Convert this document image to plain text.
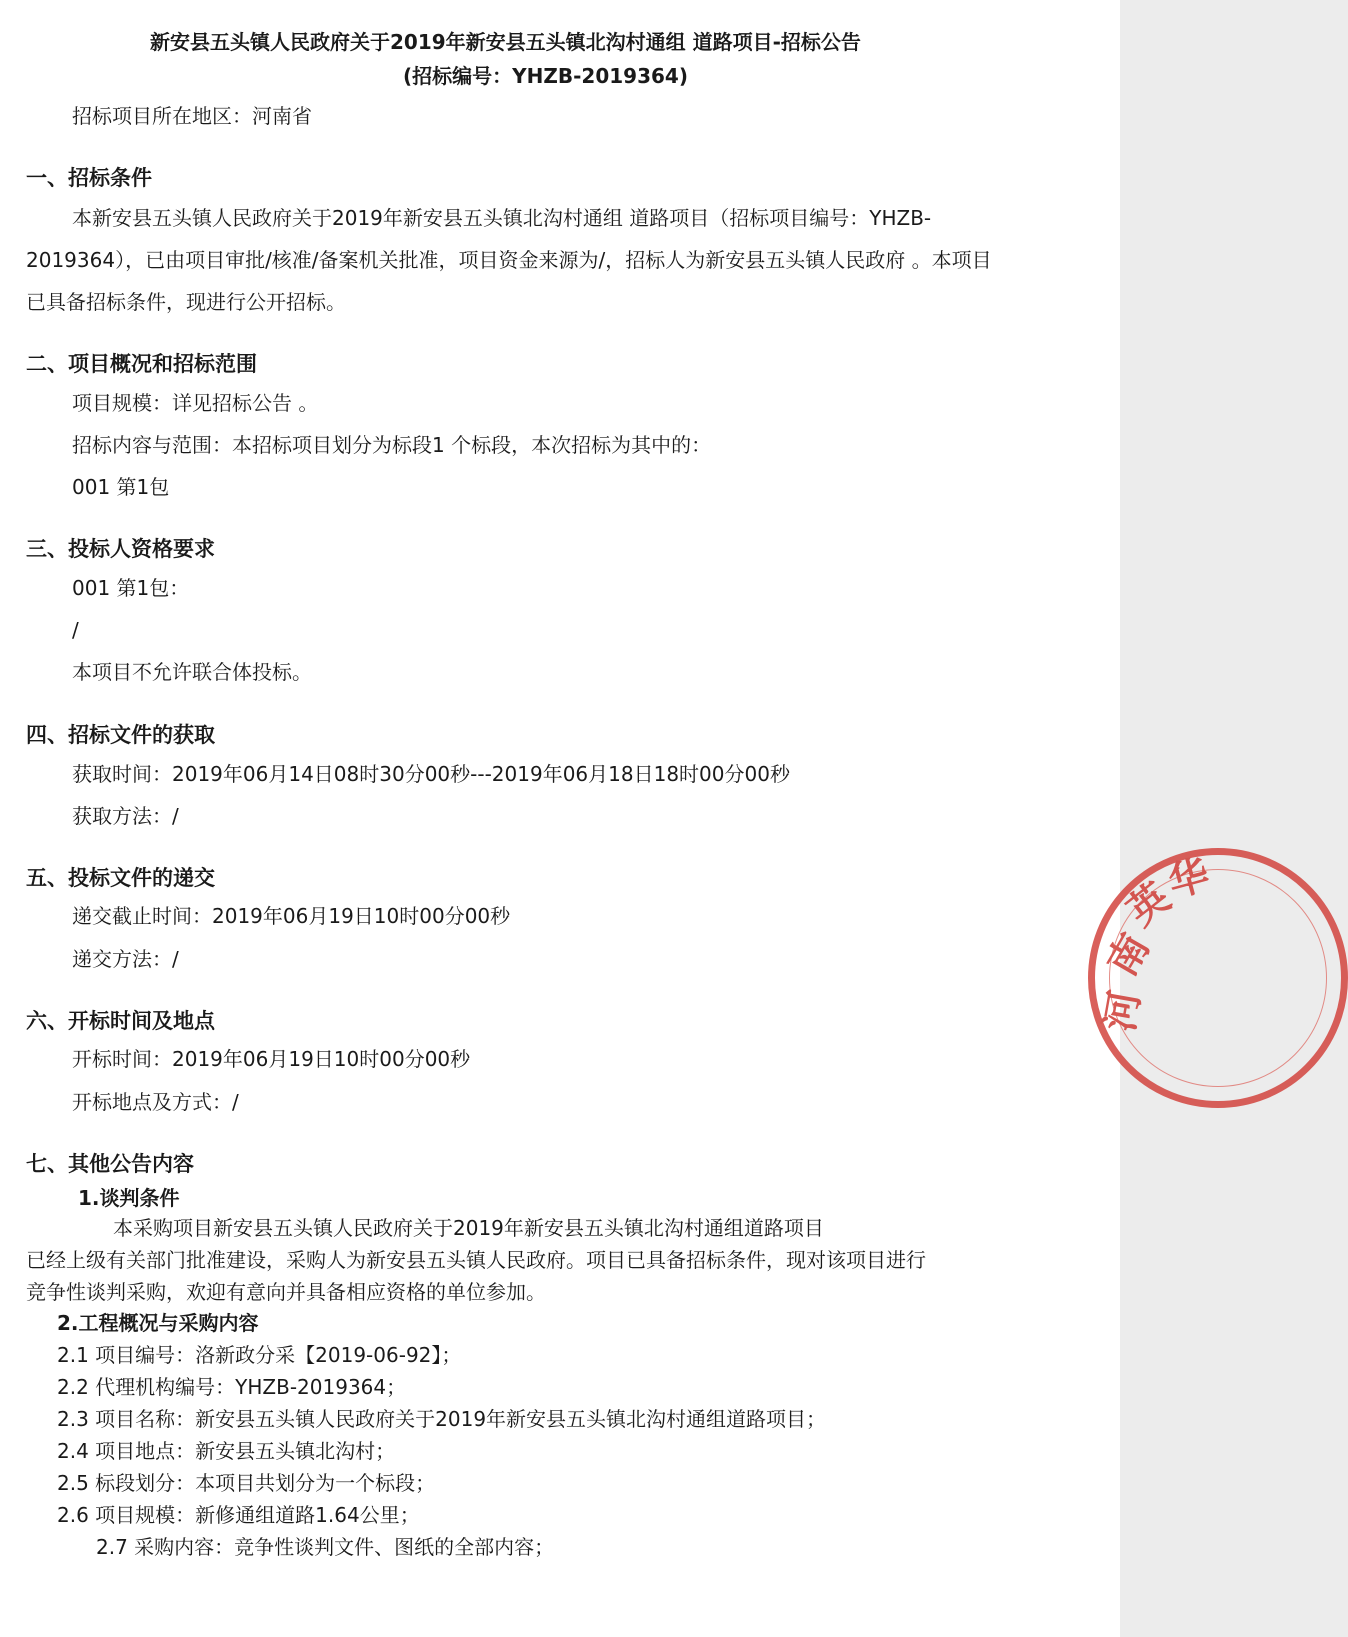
新安县五头镇人民政府关于2019年新安县五头镇北沟村通组 道路项目-招标公告
(招标编号：YHZB-2019364)
招标项目所在地区：河南省
一、招标条件
本新安县五头镇人民政府关于2019年新安县五头镇北沟村通组 道路项目（招标项目编号：YHZB-
2019364），已由项目审批/核准/备案机关批准，项目资金来源为/，招标人为新安县五头镇人民政府 。本项目
已具备招标条件，现进行公开招标。
二、项目概况和招标范围
项目规模：详见招标公告 。
招标内容与范围：本招标项目划分为标段1 个标段，本次招标为其中的：
001 第1包
三、投标人资格要求
001 第1包：
/
本项目不允许联合体投标。
四、招标文件的获取
获取时间：2019年06月14日08时30分00秒---2019年06月18日18时00分00秒
获取方法：/
五、投标文件的递交
递交截止时间：2019年06月19日10时00分00秒
递交方法：/
六、开标时间及地点
开标时间：2019年06月19日10时00分00秒
开标地点及方式：/
七、其他公告内容
1.谈判条件
本采购项目新安县五头镇人民政府关于2019年新安县五头镇北沟村通组道路项目
已经上级有关部门批准建设，采购人为新安县五头镇人民政府。项目已具备招标条件，现对该项目进行
竞争性谈判采购，欢迎有意向并具备相应资格的单位参加。
2.工程概况与采购内容
2.1 项目编号：洛新政分采【2019-06-92】；
2.2 代理机构编号：YHZB-2019364；
2.3 项目名称：新安县五头镇人民政府关于2019年新安县五头镇北沟村通组道路项目；
2.4 项目地点：新安县五头镇北沟村；
2.5 标段划分：本项目共划分为一个标段；
2.6 项目规模：新修通组道路1.64公里；
2.7 采购内容：竞争性谈判文件、图纸的全部内容；
河
南
英
华
